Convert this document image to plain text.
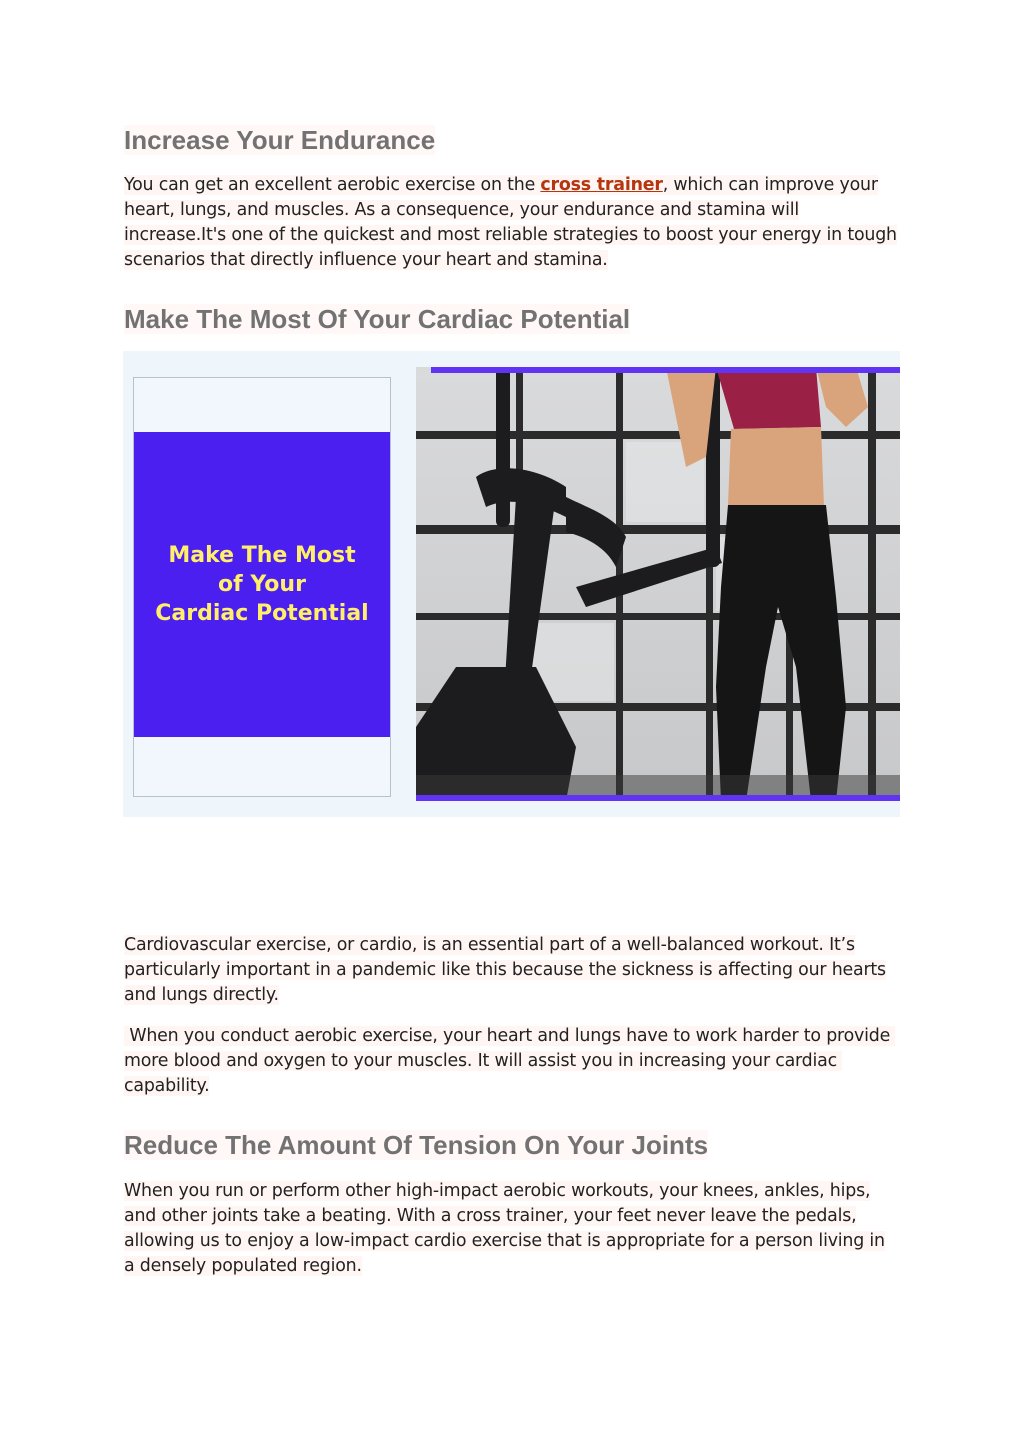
Increase Your Endurance

You can get an excellent aerobic exercise on the cross trainer, which can improve your heart, lungs, and muscles. As a consequence, your endurance and stamina will increase.It's one of the quickest and most reliable strategies to boost your energy in tough scenarios that directly influence your heart and stamina.

Make The Most Of Your Cardiac Potential
Make The Most
of Your
Cardiac Potential

Cardiovascular exercise, or cardio, is an essential part of a well-balanced workout. It’s particularly important in a pandemic like this because the sickness is affecting our hearts and lungs directly.

When you conduct aerobic exercise, your heart and lungs have to work harder to provide more blood and oxygen to your muscles. It will assist you in increasing your cardiac capability.

Reduce The Amount Of Tension On Your Joints

When you run or perform other high-impact aerobic workouts, your knees, ankles, hips, and other joints take a beating. With a cross trainer, your feet never leave the pedals, allowing us to enjoy a low-impact cardio exercise that is appropriate for a person living in a densely populated region.
